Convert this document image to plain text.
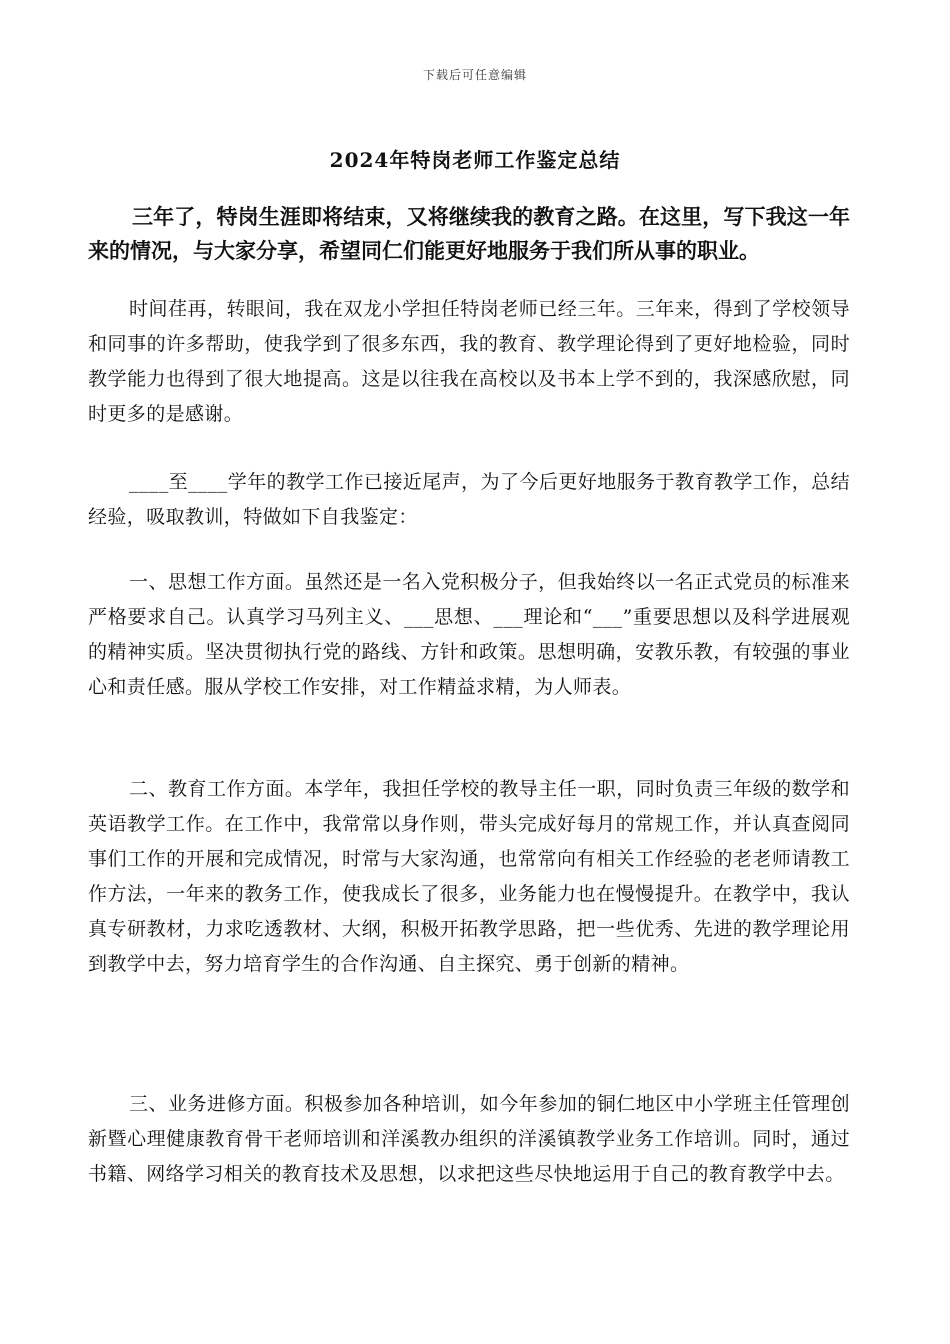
下载后可任意编辑
2024年特岗老师工作鉴定总结

三年了，特岗生涯即将结束，又将继续我的教育之路。在这里，写下我这一年来的情况，与大家分享，希望同仁们能更好地服务于我们所从事的职业。

时间荏再，转眼间，我在双龙小学担任特岗老师已经三年。三年来，得到了学校领导和同事的许多帮助，使我学到了很多东西，我的教育、教学理论得到了更好地检验，同时教学能力也得到了很大地提高。这是以往我在高校以及书本上学不到的，我深感欣慰，同时更多的是感谢。

____至____学年的教学工作已接近尾声，为了今后更好地服务于教育教学工作，总结经验，吸取教训，特做如下自我鉴定：

一、思想工作方面。虽然还是一名入党积极分子，但我始终以一名正式党员的标准来严格要求自己。认真学习马列主义、___思想、___理论和“___”重要思想以及科学进展观的精神实质。坚决贯彻执行党的路线、方针和政策。思想明确，安教乐教，有较强的事业心和责任感。服从学校工作安排，对工作精益求精，为人师表。

二、教育工作方面。本学年，我担任学校的教导主任一职，同时负责三年级的数学和英语教学工作。在工作中，我常常以身作则，带头完成好每月的常规工作，并认真查阅同事们工作的开展和完成情况，时常与大家沟通，也常常向有相关工作经验的老老师请教工作方法，一年来的教务工作，使我成长了很多，业务能力也在慢慢提升。在教学中，我认真专研教材，力求吃透教材、大纲，积极开拓教学思路，把一些优秀、先进的教学理论用到教学中去，努力培育学生的合作沟通、自主探究、勇于创新的精神。

三、业务进修方面。积极参加各种培训，如今年参加的铜仁地区中小学班主任管理创新暨心理健康教育骨干老师培训和洋溪教办组织的洋溪镇教学业务工作培训。同时，通过书籍、网络学习相关的教育技术及思想，以求把这些尽快地运用于自己的教育教学中去。
